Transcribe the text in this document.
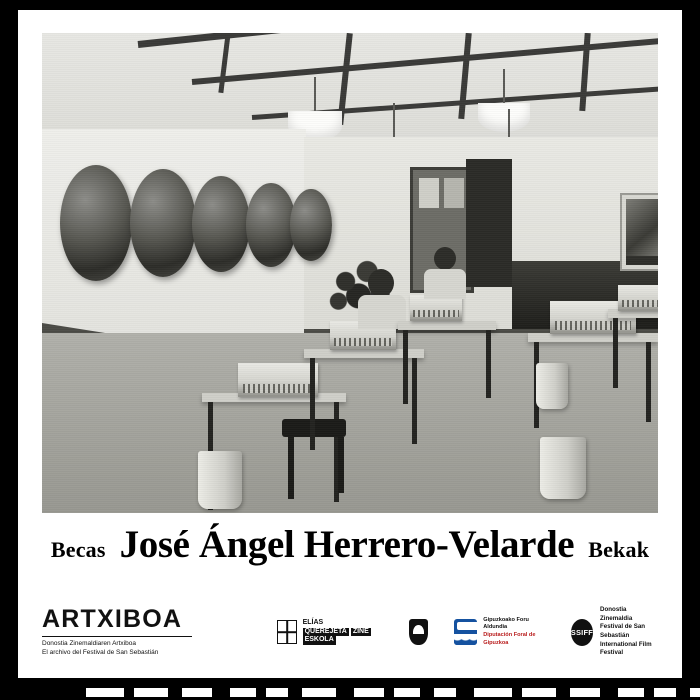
Becas José Ángel Herrero-Velarde Bekak
ARTXIBOA
Donostia Zinemaldiaren Artxiboa
El archivo del Festival de San Sebastián
ELÍAS
QUEREJETA ZINE ESKOLA
Gipuzkoako Foru Aldundia
Diputación Foral de Gipuzkoa
SSIFF
Donostia Zinemaldia
Festival de San Sebastián
International Film Festival
